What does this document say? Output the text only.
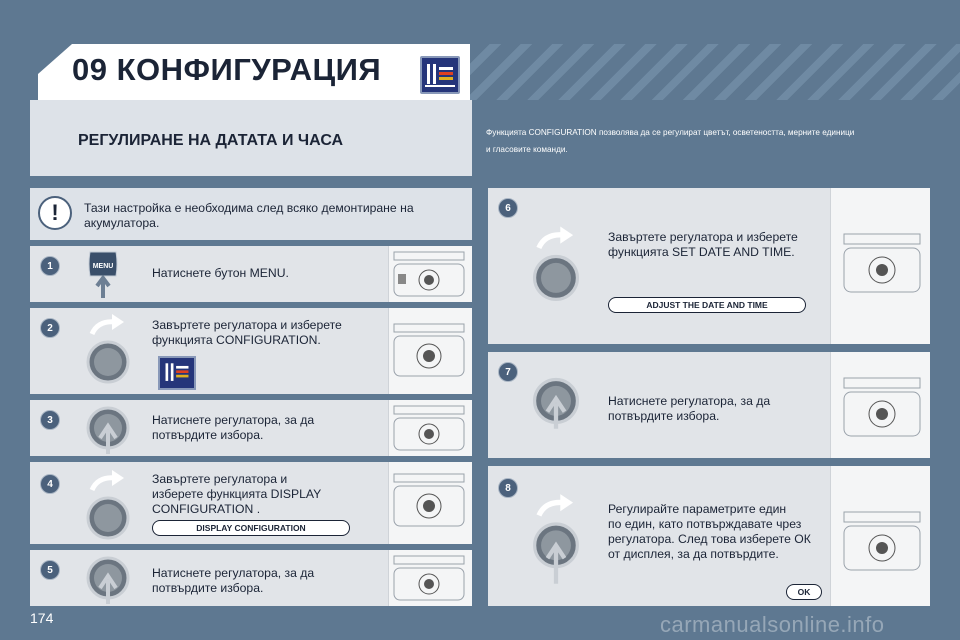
09 КОНФИГУРАЦИЯ
РЕГУЛИРАНЕ НА ДАТАТА И ЧАСА	Функцията CONFIGURATION позволява да се регулират цветът, осветеността, мерните единици
и гласовите команди.
!	Тази настройка е необходима след всяко демонтиране на
акумулатора.
1
2
3
4
5
6
7
8
Натиснете бутон MENU.
Завъртете регулатора и изберете
функцията CONFIGURATION.
Натиснете регулатора, за да
потвърдите избора.
Завъртете регулатора и
изберете функцията DISPLAY
CONFIGURATION .
Натиснете регулатора, за да
потвърдите избора.
Завъртете регулатора и изберете
функцията SET DATE AND TIME.
Натиснете регулатора, за да
потвърдите избора.
Регулирайте параметрите един
по един, като потвърждавате чрез
регулатора. След това изберете ОК
от дисплея, за да потвърдите.
DISPLAY CONFIGURATION
ADJUST THE DATE AND TIME
OK
MENU
174	carmanualsonline.info
